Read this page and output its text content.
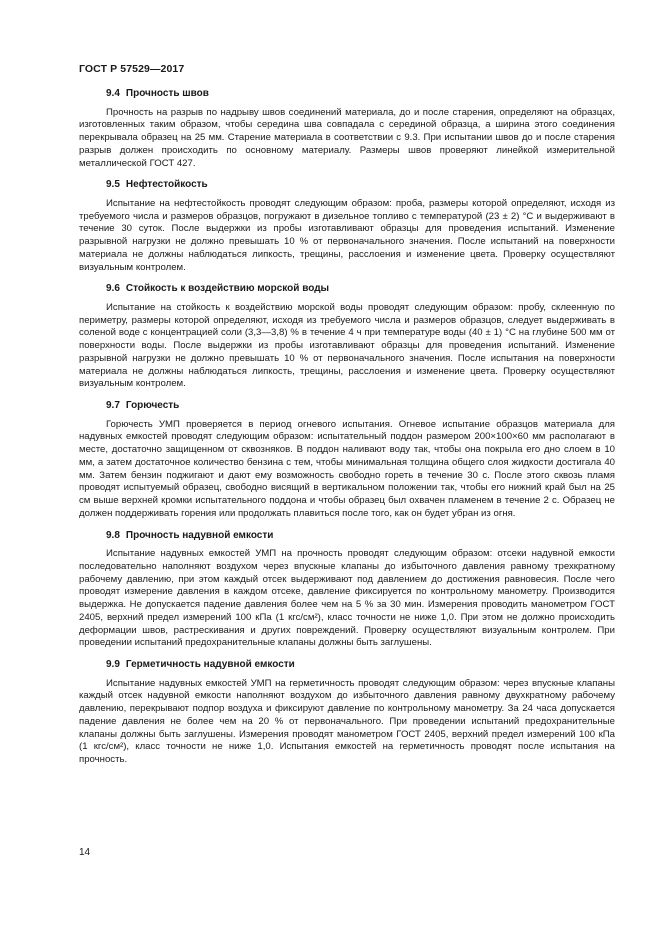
ГОСТ Р 57529—2017
9.4 Прочность швов

Прочность на разрыв по надрыву швов соединений материала, до и после старения, определяют на образцах, изготовленных таким образом, чтобы середина шва совпадала с серединой образца, а ширина этого соединения перекрывала образец на 25 мм. Старение материала в соответствии с 9.3. При испытании швов до и после старения разрыв должен происходить по основному материалу. Размеры швов проверяют линейкой измерительной металлической ГОСТ 427.

9.5 Нефтестойкость

Испытание на нефтестойкость проводят следующим образом: проба, размеры которой определяют, исходя из требуемого числа и размеров образцов, погружают в дизельное топливо с температурой (23 ± 2) °С и выдерживают в течение 30 суток. После выдержки из пробы изготавливают образцы для проведения испытаний. Изменение разрывной нагрузки не должно превышать 10 % от первоначального значения. После испытаний на поверхности материала не должны наблюдаться липкость, трещины, расслоения и изменение цвета. Проверку осуществляют визуальным контролем.

9.6 Стойкость к воздействию морской воды

Испытание на стойкость к воздействию морской воды проводят следующим образом: пробу, склеенную по периметру, размеры которой определяют, исходя из требуемого числа и размеров образцов, следует выдерживать в соленой воде с концентрацией соли (3,3—3,8) % в течение 4 ч при температуре воды (40 ± 1) °С на глубине 500 мм от поверхности воды. После выдержки из пробы изготавливают образцы для проведения испытаний. Изменение разрывной нагрузки не должно превышать 10 % от первоначального значения. После испытания на поверхности материала не должны наблюдаться липкость, трещины, расслоения и изменение цвета. Проверку осуществляют визуальным контролем.

9.7 Горючесть

Горючесть УМП проверяется в период огневого испытания. Огневое испытание образцов материала для надувных емкостей проводят следующим образом: испытательный поддон размером 200×100×60 мм располагают в месте, достаточно защищенном от сквозняков. В поддон наливают воду так, чтобы она покрыла его дно слоем в 10 мм, а затем достаточное количество бензина с тем, чтобы минимальная толщина общего слоя жидкости достигала 40 мм. Затем бензин поджигают и дают ему возможность свободно гореть в течение 30 с. После этого сквозь пламя проводят испытуемый образец, свободно висящий в вертикальном положении так, чтобы его нижний край был на 25 см выше верхней кромки испытательного поддона и чтобы образец был охвачен пламенем в течение 2 с. Образец не должен поддерживать горения или продолжать плавиться после того, как он будет убран из огня.

9.8 Прочность надувной емкости

Испытание надувных емкостей УМП на прочность проводят следующим образом: отсеки надувной емкости последовательно наполняют воздухом через впускные клапаны до избыточного давления равному трехкратному рабочему давлению, при этом каждый отсек выдерживают под давлением до достижения равновесия. После чего проводят измерение давления в каждом отсеке, давление фиксируется по контрольному манометру. Производится выдержка. Не допускается падение давления более чем на 5 % за 30 мин. Измерения проводить манометром ГОСТ 2405, верхний предел измерений 100 кПа (1 кгс/см²), класс точности не ниже 1,0. При этом не должно происходить деформации швов, растрескивания и других повреждений. Проверку осуществляют визуальным контролем. При проведении испытаний предохранительные клапаны должны быть заглушены.

9.9 Герметичность надувной емкости

Испытание надувных емкостей УМП на герметичность проводят следующим образом: через впускные клапаны каждый отсек надувной емкости наполняют воздухом до избыточного давления равному двухкратному рабочему давлению, перекрывают подпор воздуха и фиксируют давление по контрольному манометру. За 24 часа допускается падение давления не более чем на 20 % от первоначального. При проведении испытаний предохранительные клапаны должны быть заглушены. Измерения проводят манометром ГОСТ 2405, верхний предел измерений 100 кПа (1 кгс/см²), класс точности не ниже 1,0. Испытания емкостей на герметичность проводят после испытания на прочность.

14
